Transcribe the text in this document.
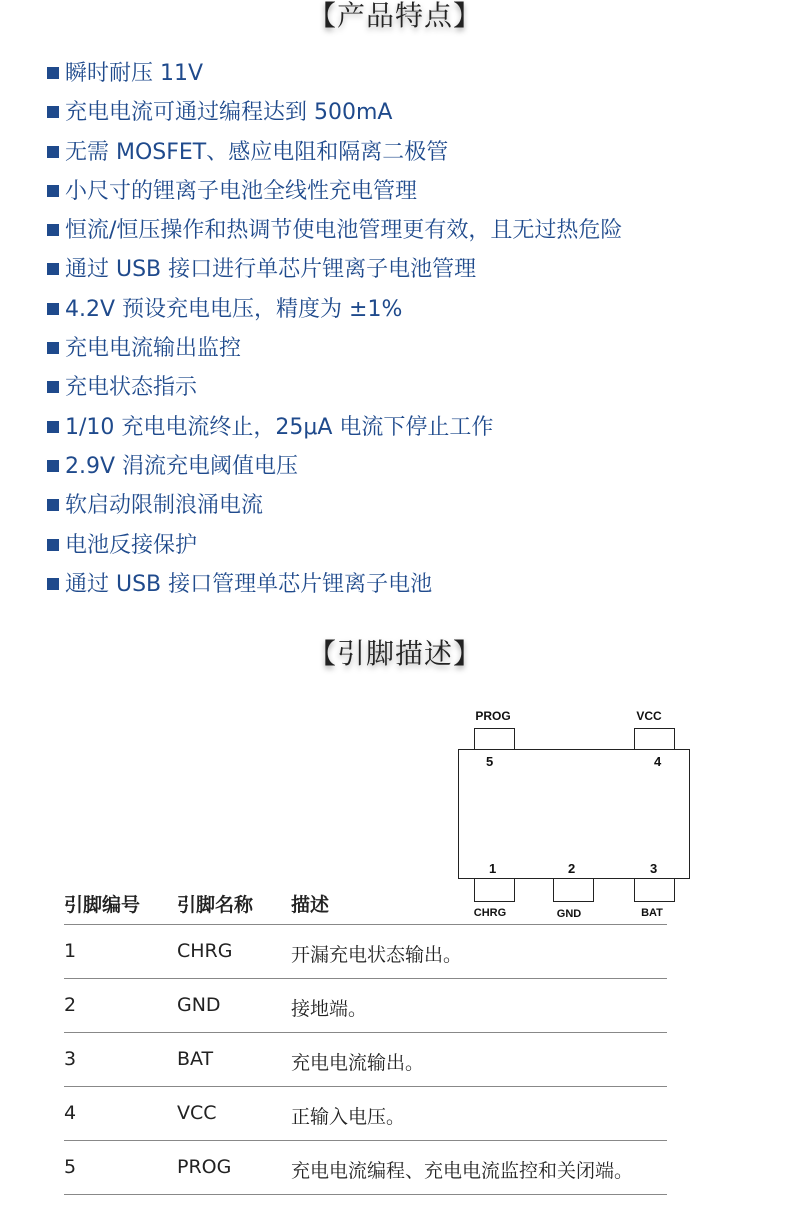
【产品特点】
瞬时耐压 11V
充电电流可通过编程达到 500mA
无需 MOSFET、感应电阻和隔离二极管
小尺寸的锂离子电池全线性充电管理
恒流/恒压操作和热调节使电池管理更有效，且无过热危险
通过 USB 接口进行单芯片锂离子电池管理
4.2V 预设充电电压，精度为 ±1%
充电电流输出监控
充电状态指示
1/10 充电电流终止，25μA 电流下停止工作
2.9V 涓流充电阈值电压
软启动限制浪涌电流
电池反接保护
通过 USB 接口管理单芯片锂离子电池
【引脚描述】
PROG
5
VCC
4
1
CHRG
2
GND
3
BAT
引脚编号 引脚名称 描述
1	CHRG	开漏充电状态输出。
2	GND	接地端。
3	BAT	充电电流输出。
4	VCC	正输入电压。
5	PROG	充电电流编程、充电电流监控和关闭端。
